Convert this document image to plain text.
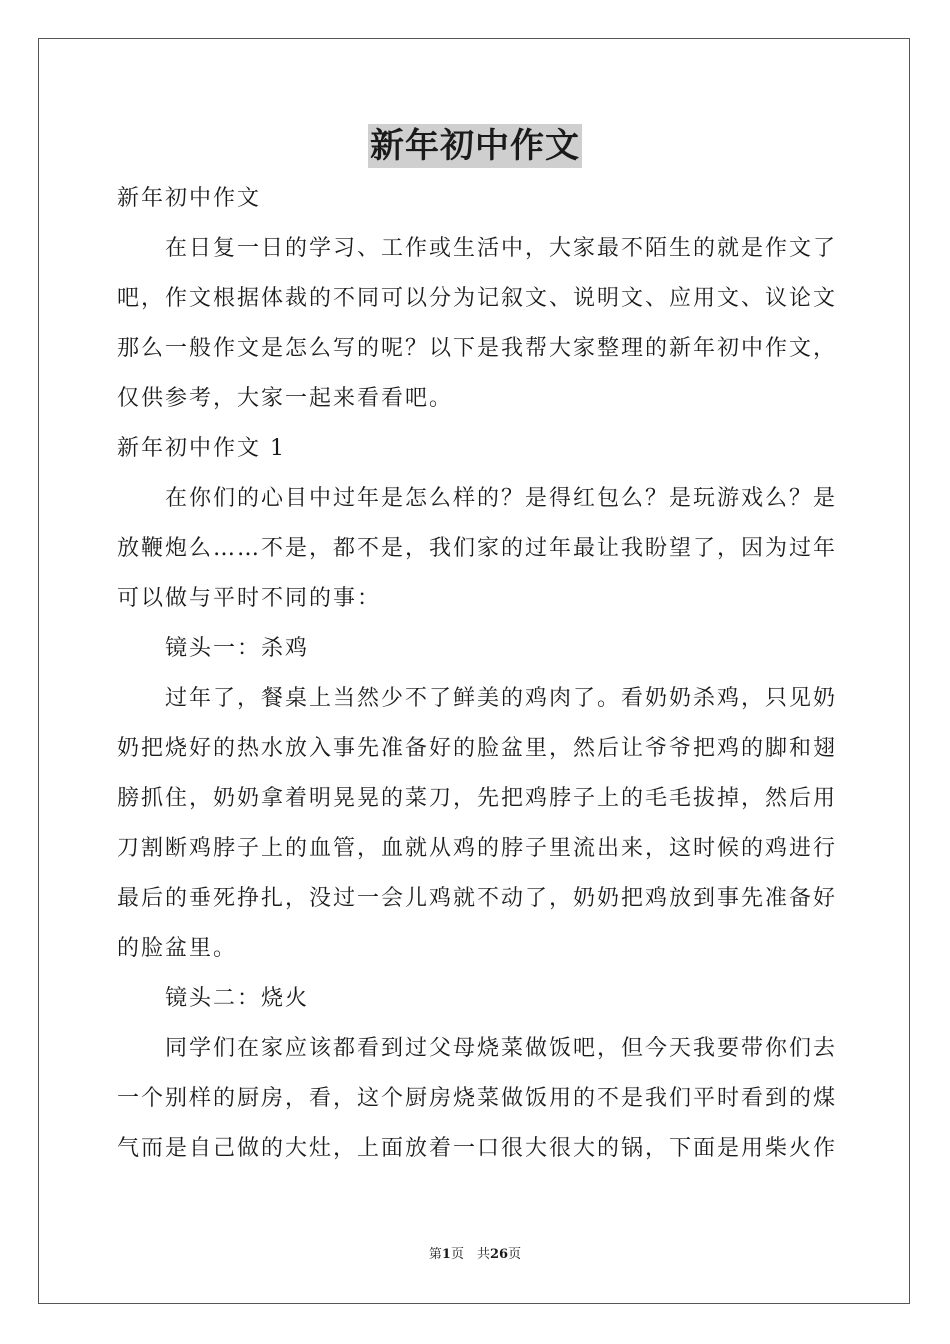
新年初中作文
新年初中作文
　　在日复一日的学习、工作或生活中，大家最不陌生的就是作文了
吧，作文根据体裁的不同可以分为记叙文、说明文、应用文、议论文
那么一般作文是怎么写的呢？以下是我帮大家整理的新年初中作文，
仅供参考，大家一起来看看吧。
新年初中作文 1
　　在你们的心目中过年是怎么样的？是得红包么？是玩游戏么？是
放鞭炮么……不是，都不是，我们家的过年最让我盼望了，因为过年
可以做与平时不同的事：
　　镜头一：杀鸡
　　过年了，餐桌上当然少不了鲜美的鸡肉了。看奶奶杀鸡，只见奶
奶把烧好的热水放入事先准备好的脸盆里，然后让爷爷把鸡的脚和翅
膀抓住，奶奶拿着明晃晃的菜刀，先把鸡脖子上的毛毛拔掉，然后用
刀割断鸡脖子上的血管，血就从鸡的脖子里流出来，这时候的鸡进行
最后的垂死挣扎，没过一会儿鸡就不动了，奶奶把鸡放到事先准备好
的脸盆里。
　　镜头二：烧火
　　同学们在家应该都看到过父母烧菜做饭吧，但今天我要带你们去
一个别样的厨房，看，这个厨房烧菜做饭用的不是我们平时看到的煤
气而是自己做的大灶，上面放着一口很大很大的锅，下面是用柴火作
第1页　共26页
